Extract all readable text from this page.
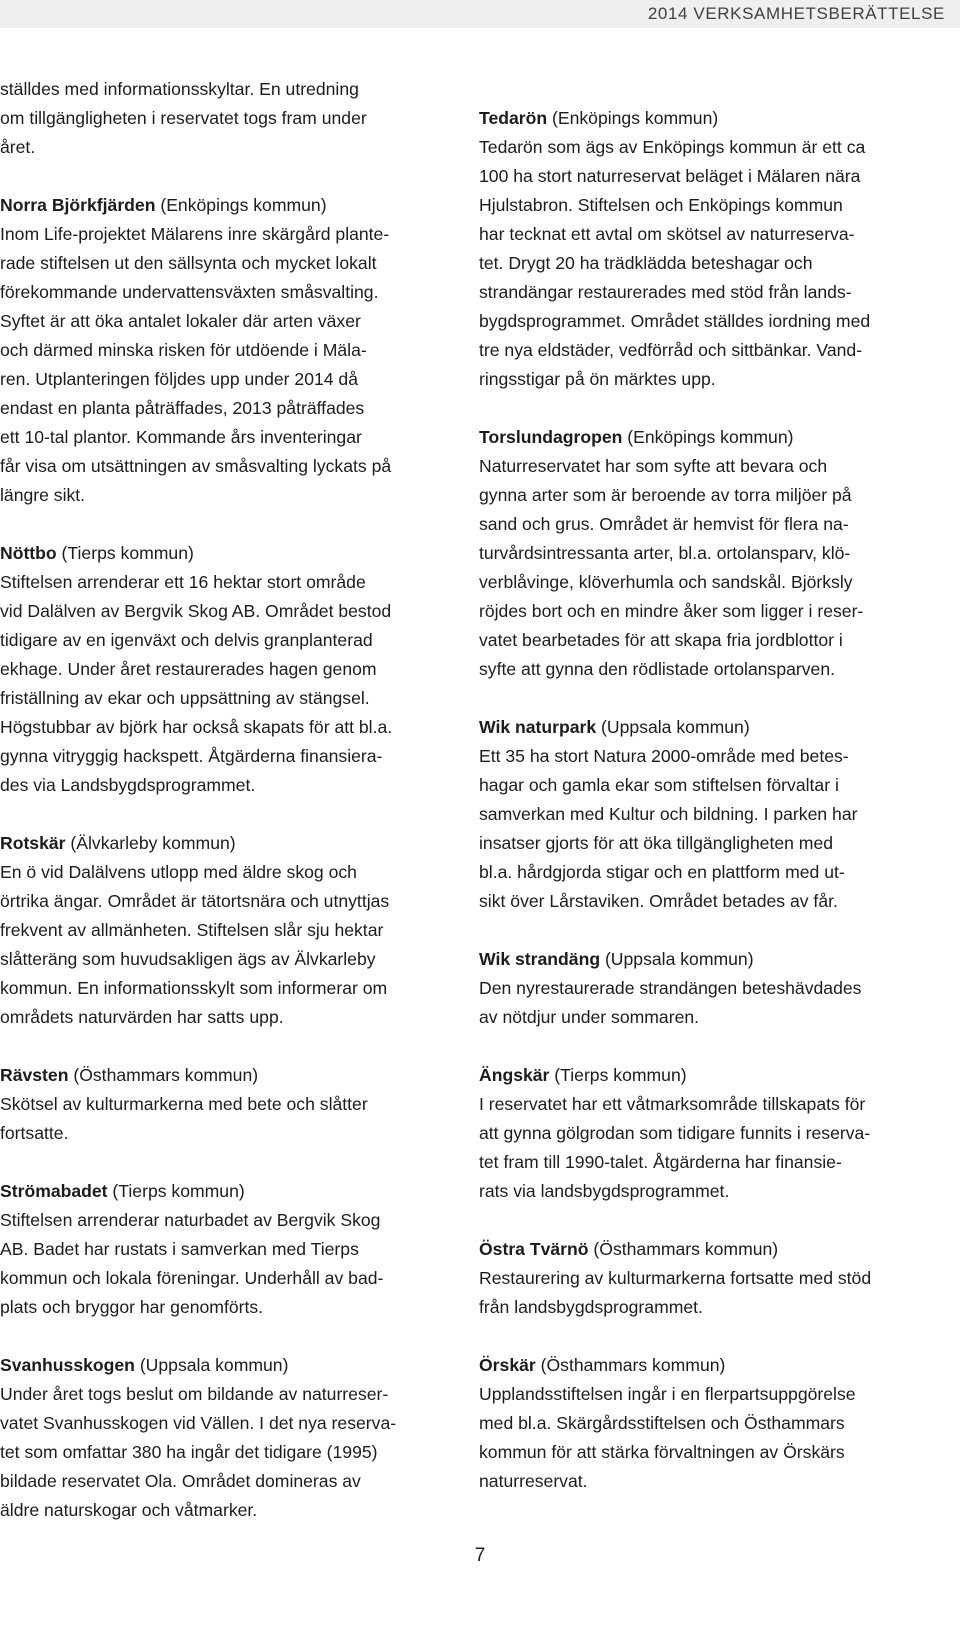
2014 VERKSAMHETSBERÄTTELSE
ställdes med informationsskyltar. En utredning
om tillgängligheten i reservatet togs fram under
året.
Norra Björkfjärden (Enköpings kommun)
Inom Life-projektet Mälarens inre skärgård plante-
rade stiftelsen ut den sällsynta och mycket lokalt
förekommande undervattensväxten småsvalting.
Syftet är att öka antalet lokaler där arten växer
och därmed minska risken för utdöende i Mäla-
ren. Utplanteringen följdes upp under 2014 då
endast en planta påträffades, 2013 påträffades
ett 10-tal plantor. Kommande års inventeringar
får visa om utsättningen av småsvalting lyckats på
längre sikt.
Nöttbo (Tierps kommun)
Stiftelsen arrenderar ett 16 hektar stort område
vid Dalälven av Bergvik Skog AB. Området bestod
tidigare av en igenväxt och delvis granplanterad
ekhage. Under året restaurerades hagen genom
friställning av ekar och uppsättning av stängsel.
Högstubbar av björk har också skapats för att bl.a.
gynna vitryggig hackspett. Åtgärderna finansiera-
des via Landsbygdsprogrammet.
Rotskär (Älvkarleby kommun)
En ö vid Dalälvens utlopp med äldre skog och
örtrika ängar. Området är tätortsnära och utnyttjas
frekvent av allmänheten. Stiftelsen slår sju hektar
slåtteräng som huvudsakligen ägs av Älvkarleby
kommun. En informationsskylt som informerar om
områdets naturvärden har satts upp.
Rävsten (Östhammars kommun)
Skötsel av kulturmarkerna med bete och slåtter
fortsatte.
Strömabadet (Tierps kommun)
Stiftelsen arrenderar naturbadet av Bergvik Skog
AB. Badet har rustats i samverkan med Tierps
kommun och lokala föreningar. Underhåll av bad-
plats och bryggor har genomförts.
Svanhusskogen (Uppsala kommun)
Under året togs beslut om bildande av naturreser-
vatet Svanhusskogen vid Vällen. I det nya reserva-
tet som omfattar 380 ha ingår det tidigare (1995)
bildade reservatet Ola. Området domineras av
äldre naturskogar och våtmarker.
Tedarön (Enköpings kommun)
Tedarön som ägs av Enköpings kommun är ett ca
100 ha stort naturreservat beläget i Mälaren nära
Hjulstabron. Stiftelsen och Enköpings kommun
har tecknat ett avtal om skötsel av naturreserva-
tet. Drygt 20 ha trädklädda beteshagar och
strandängar restaurerades med stöd från lands-
bygdsprogrammet. Området ställdes iordning med
tre nya eldstäder, vedförråd och sittbänkar. Vand-
ringsstigar på ön märktes upp.
Torslundagropen (Enköpings kommun)
Naturreservatet har som syfte att bevara och
gynna arter som är beroende av torra miljöer på
sand och grus. Området är hemvist för flera na-
turvårdsintressanta arter, bl.a. ortolansparv, klö-
verblåvinge, klöverhumla och sandskål. Björksly
röjdes bort och en mindre åker som ligger i reser-
vatet bearbetades för att skapa fria jordblottor i
syfte att gynna den rödlistade ortolansparven.
Wik naturpark (Uppsala kommun)
Ett 35 ha stort Natura 2000-område med betes-
hagar och gamla ekar som stiftelsen förvaltar i
samverkan med Kultur och bildning. I parken har
insatser gjorts för att öka tillgängligheten med
bl.a. hårdgjorda stigar och en plattform med ut-
sikt över Lårstaviken. Området betades av får.
Wik strandäng (Uppsala kommun)
Den nyrestaurerade strandängen beteshävdades
av nötdjur under sommaren.
Ängskär (Tierps kommun)
I reservatet har ett våtmarksområde tillskapats för
att gynna gölgrodan som tidigare funnits i reserva-
tet fram till 1990-talet. Åtgärderna har finansie-
rats via landsbygdsprogrammet.
Östra Tvärnö (Östhammars kommun)
Restaurering av kulturmarkerna fortsatte med stöd
från landsbygdsprogrammet.
Örskär (Östhammars kommun)
Upplandsstiftelsen ingår i en flerpartsuppgörelse
med bl.a. Skärgårdsstiftelsen och Östhammars
kommun för att stärka förvaltningen av Örskärs
naturreservat.
7
